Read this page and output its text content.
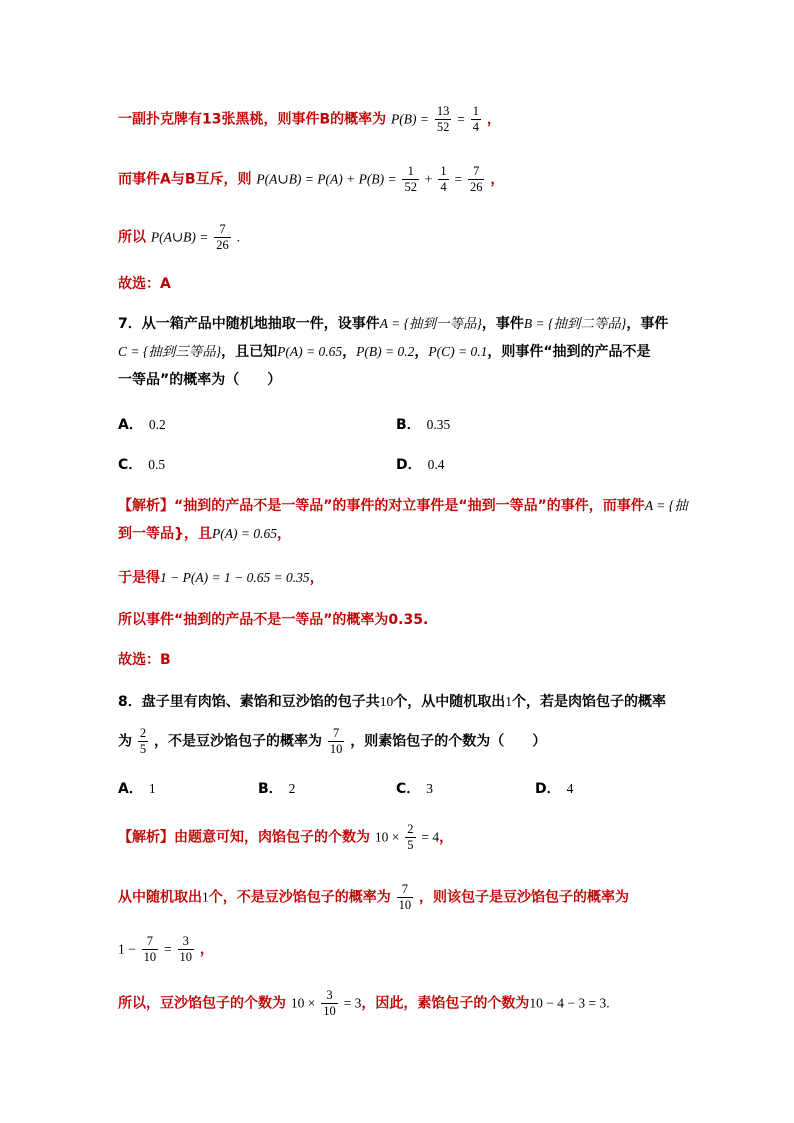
一副扑克牌有13张黑桃，则事件B的概率为 $P(B) = \frac{13}{52} = \frac{1}{4}$ ，
而事件A与B互斥，则 P(A∪B) = $P(A) + P(B) = \frac{1}{52} + \frac{1}{4} = \frac{7}{26}$ ，
所以 P(A∪B) = $\frac{7}{26}$ .
故选：A
7．从一箱产品中随机地抽取一件，设事件A = {抽到一等品}，事件B = {抽到二等品}，事件
C = {抽到三等品}，且已知P(A) = 0.65，P(B) = 0.2，P(C) = 0.1，则事件“抽到的产品不是
一等品”的概率为（　　）
A． 0.2	B． 0.35
C． 0.5	D． 0.4
【解析】“抽到的产品不是一等品”的事件的对立事件是“抽到一等品”的事件，而事件A = {抽
到一等品}，且P(A) = 0.65，
于是得1 − P(A) = 1 − 0.65 = 0.35，
所以事件“抽到的产品不是一等品”的概率为0.35.
故选：B
8．盘子里有肉馅、素馅和豆沙馅的包子共10个，从中随机取出1个，若是肉馅包子的概率
为 $\frac{2}{5}$ ，不是豆沙馅包子的概率为 $\frac{7}{10}$ ，则素馅包子的个数为（　　）
A． 1	B． 2	C． 3	D． 4
【解析】由题意可知，肉馅包子的个数为 $10 \times \frac{2}{5} = 4$，
从中随机取出1个，不是豆沙馅包子的概率为 $\frac{7}{10}$ ，则该包子是豆沙馅包子的概率为
$1 - \frac{7}{10} = \frac{3}{10}$ ，
所以，豆沙馅包子的个数为 $10 \times \frac{3}{10} = 3$，因此，素馅包子的个数为10 − 4 − 3 = 3.
